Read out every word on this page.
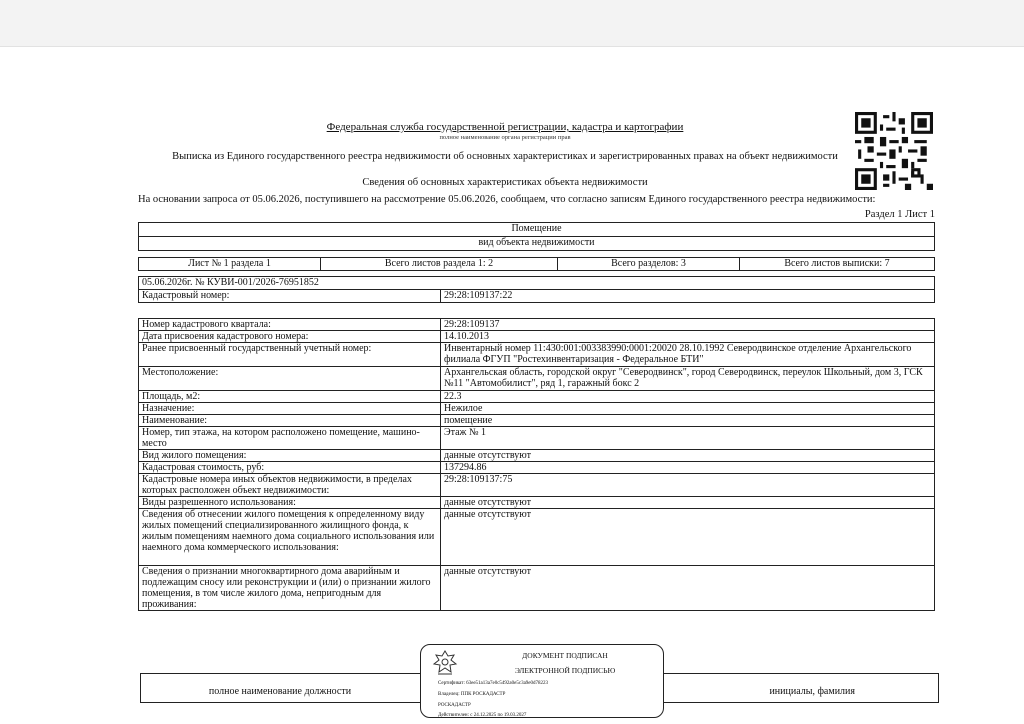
Федеральная служба государственной регистрации, кадастра и картографии
полное наименование органа регистрации прав
Выписка из Единого государственного реестра недвижимости об основных характеристиках и зарегистрированных правах на объект недвижимости
Сведения об основных характеристиках объекта недвижимости
На основании запроса от 05.06.2026, поступившего на рассмотрение 05.06.2026, сообщаем, что согласно записям Единого государственного реестра недвижимости:
Раздел 1 Лист 1
Помещение
вид объекта недвижимости
Лист № 1 раздела 1	Всего листов раздела 1: 2	Всего разделов: 3	Всего листов выписки: 7
05.06.2026г. № КУВИ-001/2026-76951852
Кадастровый номер:	29:28:109137:22
Номер кадастрового квартала:	29:28:109137
Дата присвоения кадастрового номера:	14.10.2013
Ранее присвоенный государственный учетный номер:	Инвентарный номер 11:430:001:003383990:0001:20020 28.10.1992 Северодвинское отделение Архангельского филиала ФГУП "Ростехинвентаризация - Федеральное БТИ"
Местоположение:	Архангельская область, городской округ "Северодвинск", город Северодвинск, переулок Школьный, дом 3, ГСК №11 "Автомобилист", ряд 1, гаражный бокс 2
Площадь, м2:	22.3
Назначение:	Нежилое
Наименование:	помещение
Номер, тип этажа, на котором расположено помещение, машино-место	Этаж № 1
Вид жилого помещения:	данные отсутствуют
Кадастровая стоимость, руб:	137294.86
Кадастровые номера иных объектов недвижимости, в пределах которых расположен объект недвижимости:	29:28:109137:75
Виды разрешенного использования:	данные отсутствуют
Сведения об отнесении жилого помещения к определенному виду жилых помещений специализированного жилищного фонда, к жилым помещениям наемного дома социального использования или наемного дома коммерческого использования:	данные отсутствуют
Сведения о признании многоквартирного дома аварийным и подлежащим сносу или реконструкции и (или) о признании жилого помещения, в том числе жилого дома, непригодным для проживания:	данные отсутствуют
полное наименование должности	инициалы, фамилия
ДОКУМЕНТ ПОДПИСАН
ЭЛЕКТРОННОЙ ПОДПИСЬЮ
Сертификат: 63ee51a13a7e0c5492a0e5c3a9e0d78223
Владелец: ППК РОСКАДАСТР
РОСКАДАСТР
Действителен: с 24.12.2025 по 19.03.2027
